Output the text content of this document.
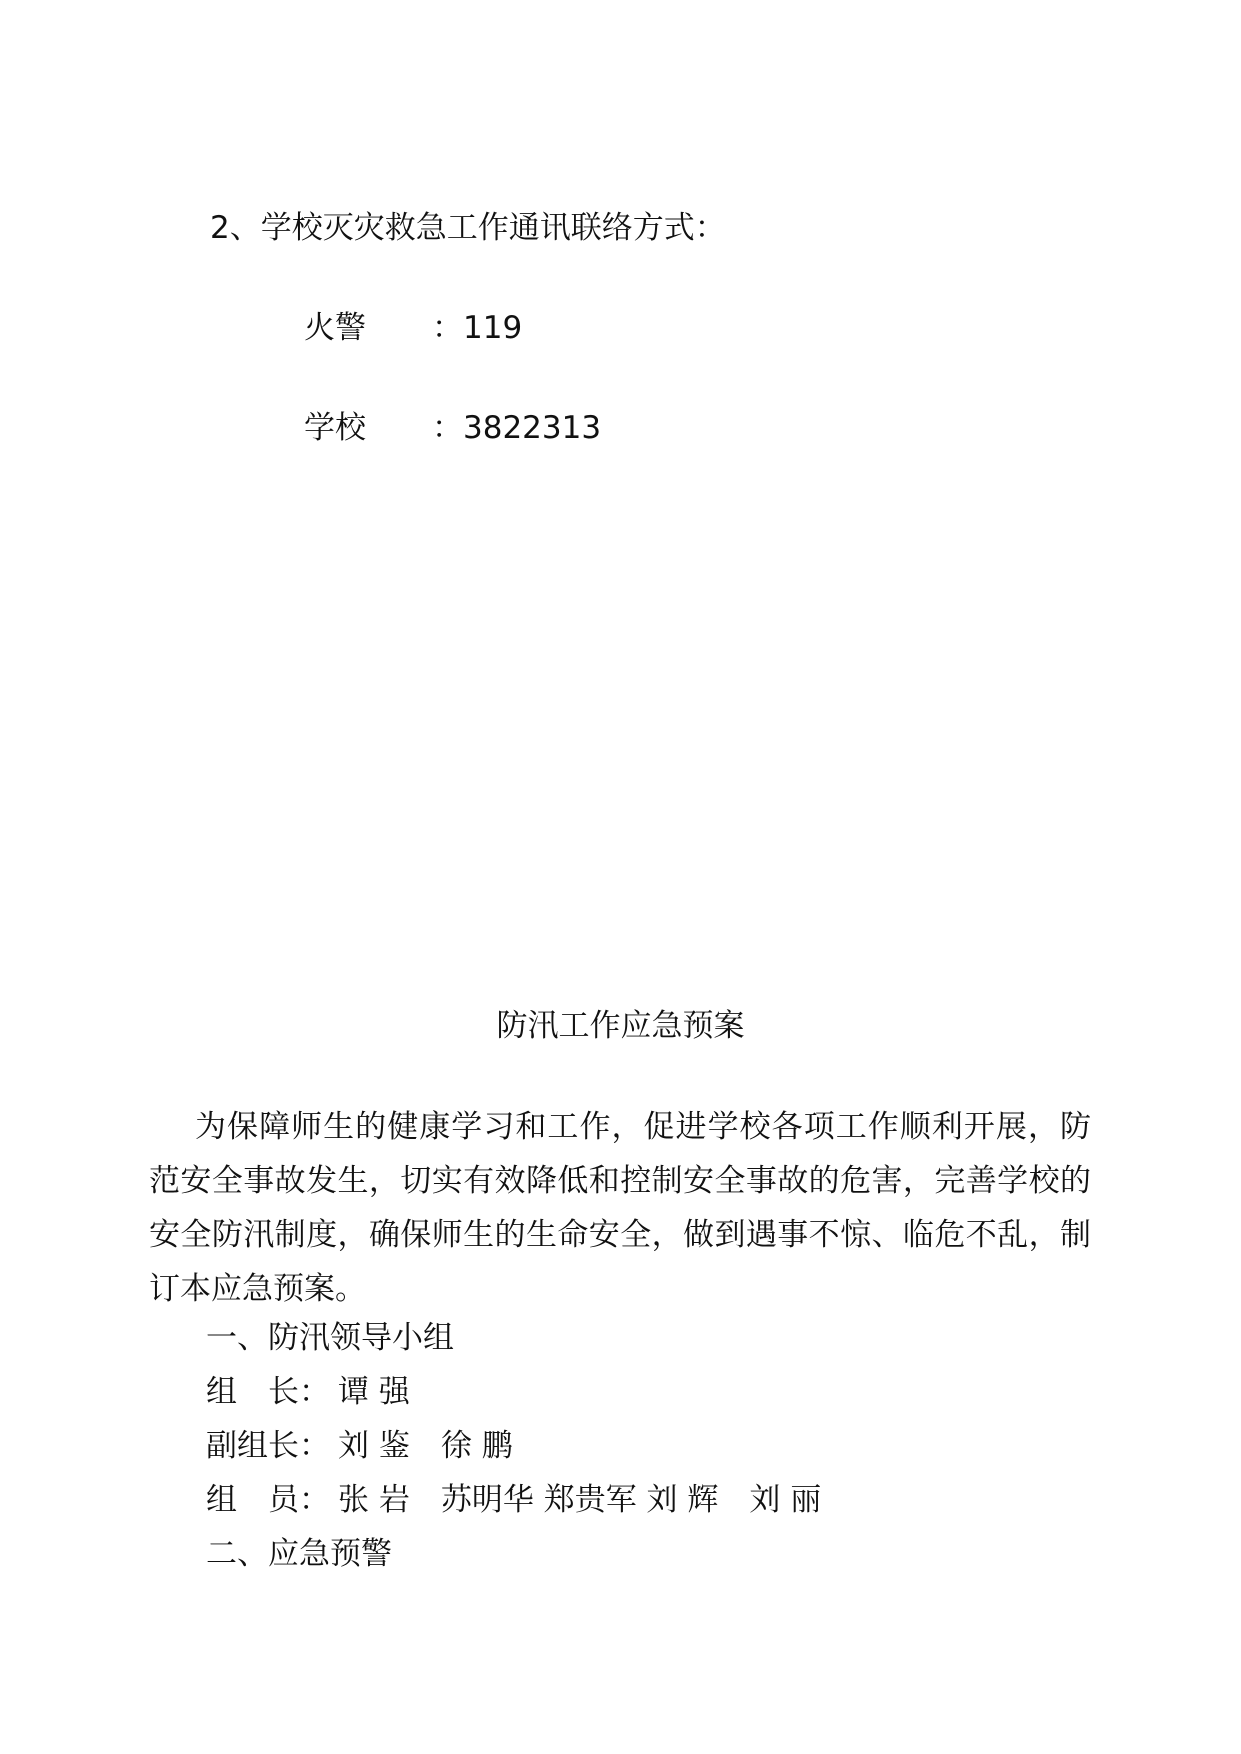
2、学校灭灾救急工作通讯联络方式：
火警 ：119
学校 ：3822313
防汛工作应急预案

为保障师生的健康学习和工作，促进学校各项工作顺利开展，防范安全事故发生，切实有效降低和控制安全事故的危害，完善学校的安全防汛制度，确保师生的生命安全，做到遇事不惊、临危不乱，制订本应急预案。

一、防汛领导小组
组　长： 谭 强
副组长： 刘 鉴　徐 鹏
组　员： 张 岩　苏明华 郑贵军 刘 辉　刘 丽
二、应急预警
